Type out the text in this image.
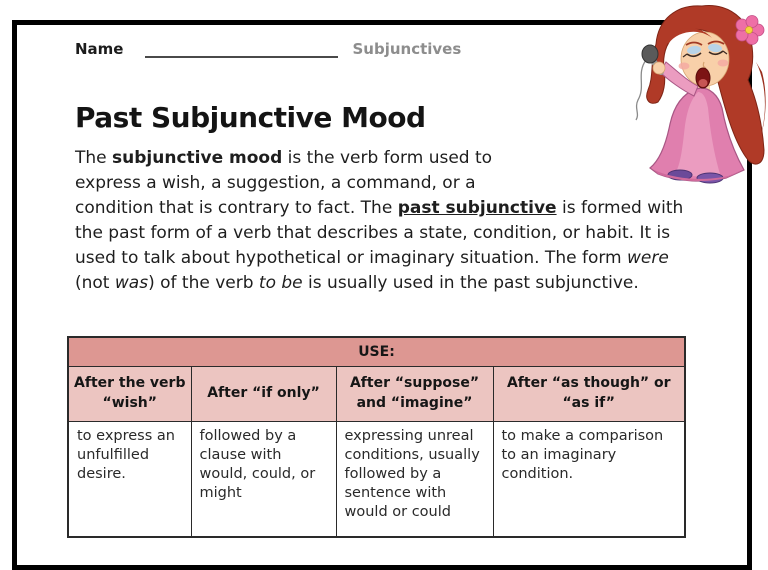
Name	Subjunctives
Past Subjunctive Mood

The subjunctive mood is the verb form used to express a wish, a suggestion, a command, or a condition that is contrary to fact. The past subjunctive is formed with the past form of a verb that describes a state, condition, or habit. It is used to talk about hypothetical or imaginary situation. The form were (not was) of the verb to be is usually used in the past subjunctive.

USE:			
After the verb “wish”	After “if only”	After “suppose” and “imagine”	After “as though” or “as if”
to express an unfulfilled desire.	followed by a clause with would, could, or might	expressing unreal conditions, usually followed by a sentence with would or could	to make a comparison to an imaginary condition.
